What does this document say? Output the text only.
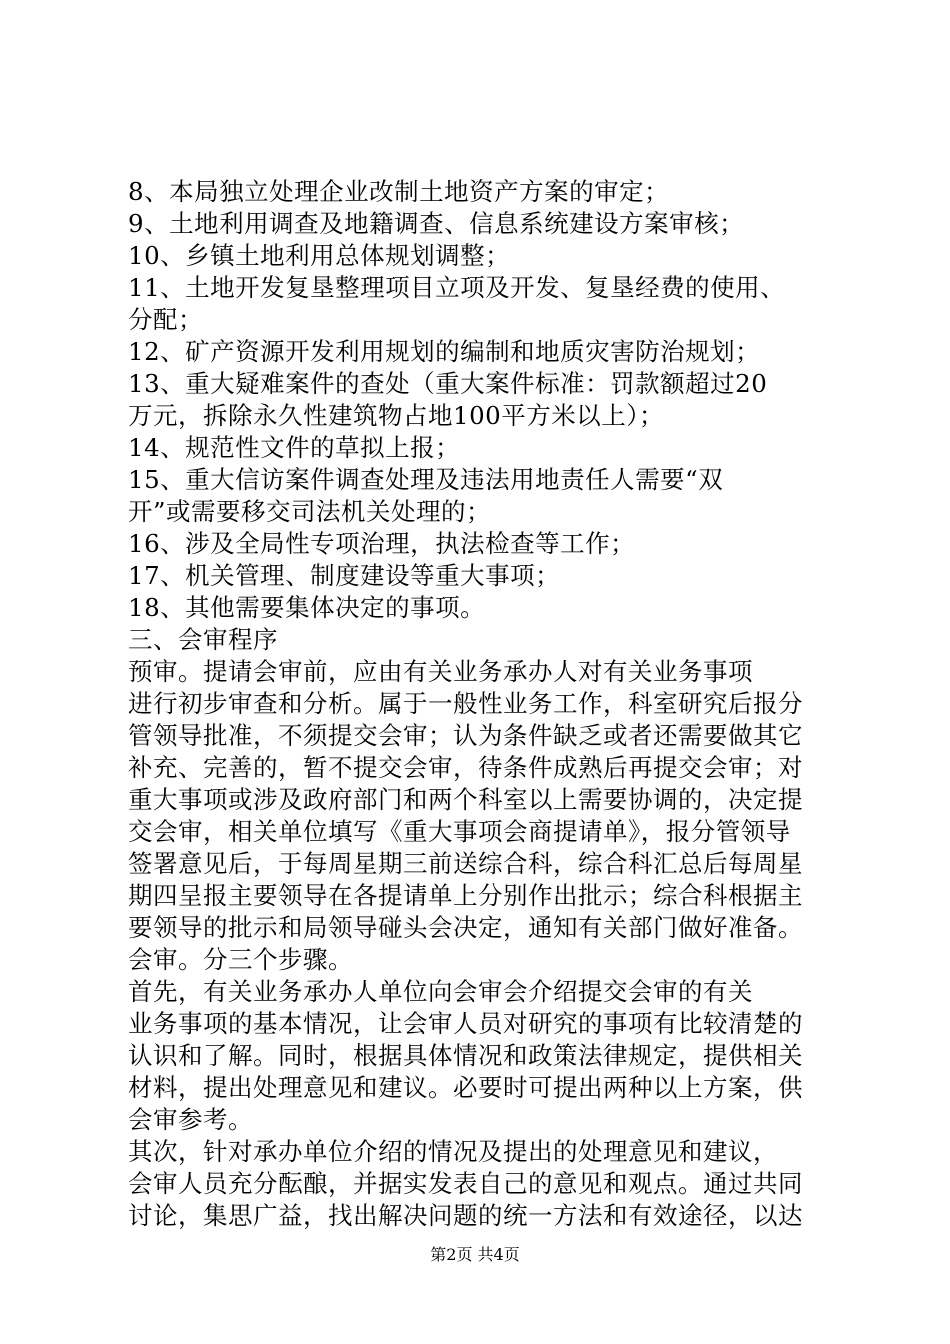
8、本局独立处理企业改制土地资产方案的审定；
9、土地利用调查及地籍调查、信息系统建设方案审核；
10、乡镇土地利用总体规划调整；
11、土地开发复垦整理项目立项及开发、复垦经费的使用、
分配；
12、矿产资源开发利用规划的编制和地质灾害防治规划；
13、重大疑难案件的查处（重大案件标准：罚款额超过20
万元，拆除永久性建筑物占地100平方米以上）；
14、规范性文件的草拟上报；
15、重大信访案件调查处理及违法用地责任人需要“双
开”或需要移交司法机关处理的；
16、涉及全局性专项治理，执法检查等工作；
17、机关管理、制度建设等重大事项；
18、其他需要集体决定的事项。
三、会审程序
预审。提请会审前，应由有关业务承办人对有关业务事项
进行初步审查和分析。属于一般性业务工作，科室研究后报分
管领导批准，不须提交会审；认为条件缺乏或者还需要做其它
补充、完善的，暂不提交会审，待条件成熟后再提交会审；对
重大事项或涉及政府部门和两个科室以上需要协调的，决定提
交会审，相关单位填写《重大事项会商提请单》，报分管领导
签署意见后，于每周星期三前送综合科，综合科汇总后每周星
期四呈报主要领导在各提请单上分别作出批示；综合科根据主
要领导的批示和局领导碰头会决定，通知有关部门做好准备。
会审。分三个步骤。
首先，有关业务承办人单位向会审会介绍提交会审的有关
业务事项的基本情况，让会审人员对研究的事项有比较清楚的
认识和了解。同时，根据具体情况和政策法律规定，提供相关
材料，提出处理意见和建议。必要时可提出两种以上方案，供
会审参考。
其次，针对承办单位介绍的情况及提出的处理意见和建议，
会审人员充分酝酿，并据实发表自己的意见和观点。通过共同
讨论，集思广益，找出解决问题的统一方法和有效途径，以达
第2页 共4页
